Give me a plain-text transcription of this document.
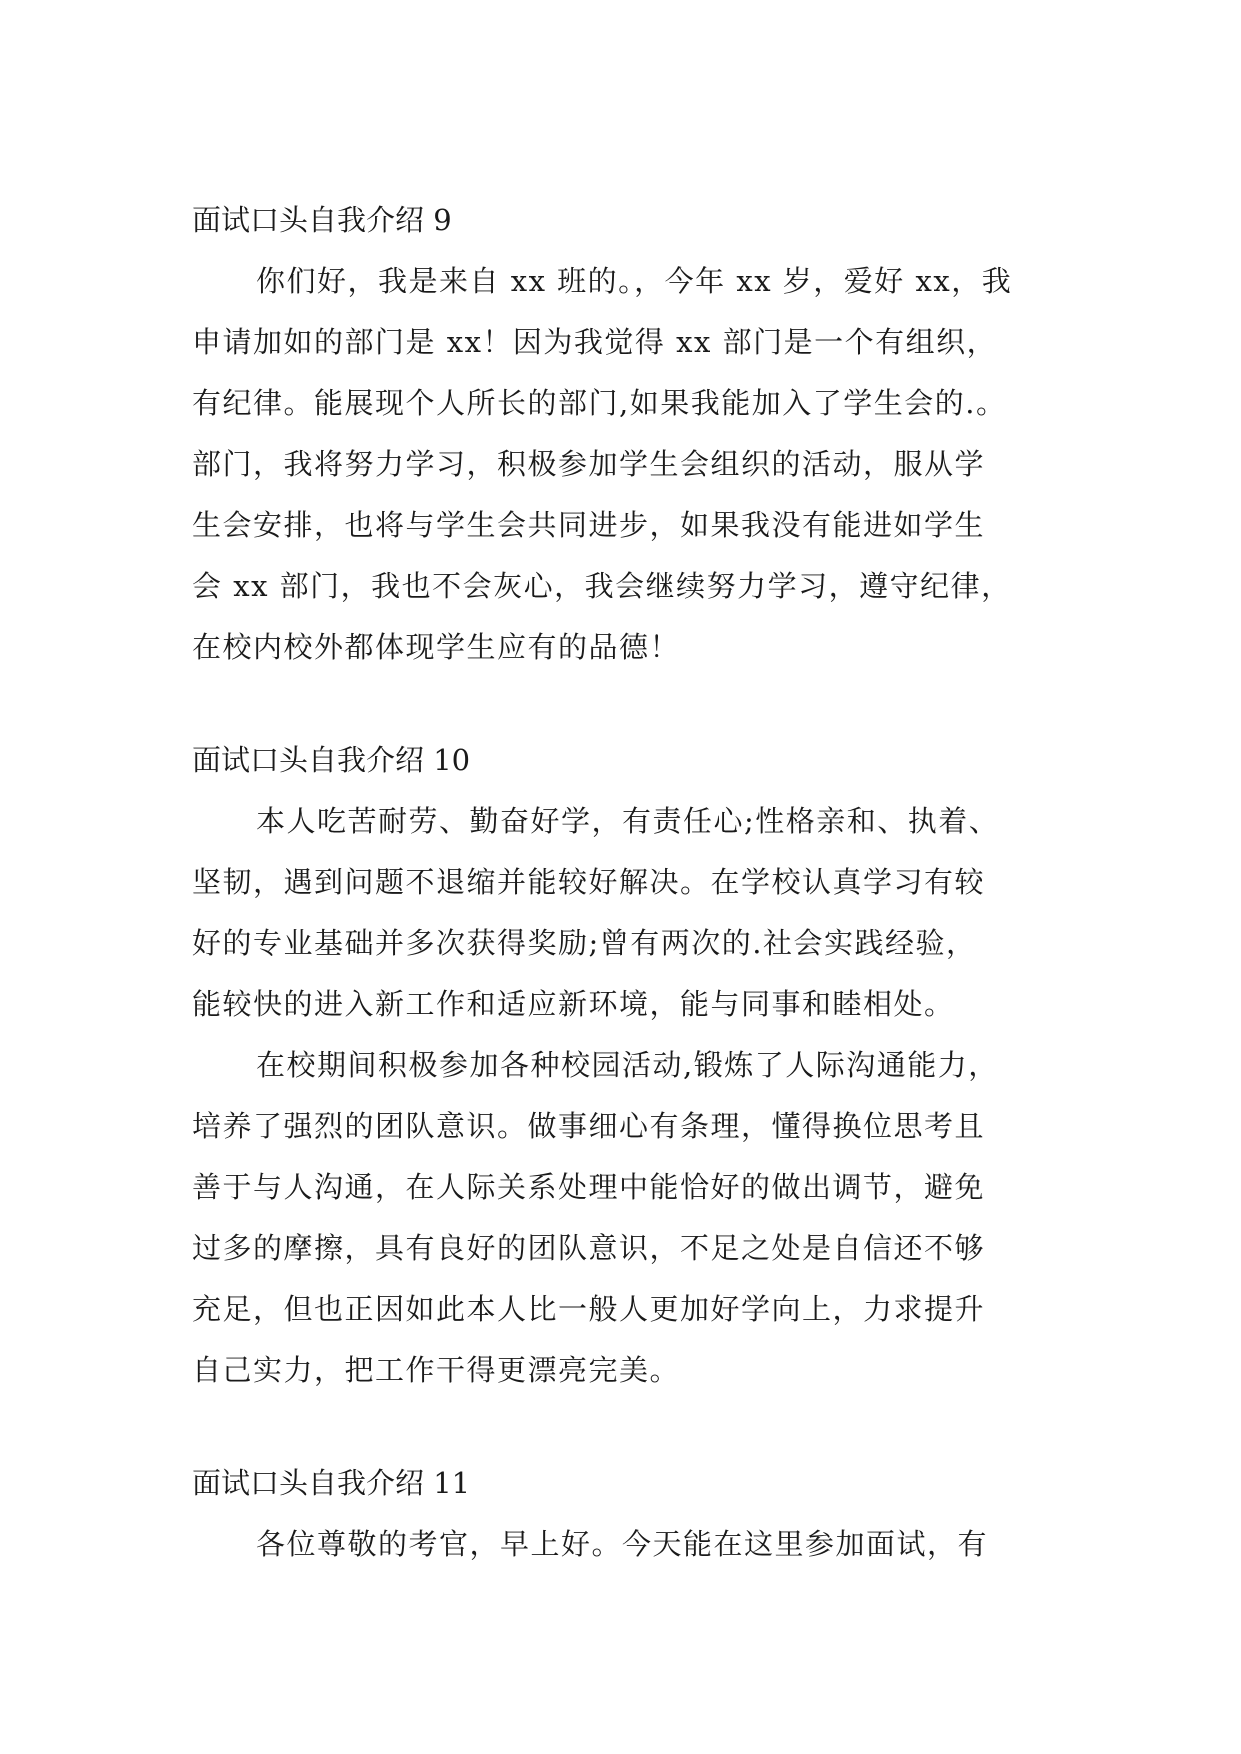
面试口头自我介绍 9
你们好，我是来自 xx 班的。，今年 xx 岁，爱好 xx，我
申请加如的部门是 xx！因为我觉得 xx 部门是一个有组织，
有纪律。能展现个人所长的部门,如果我能加入了学生会的.。
部门，我将努力学习，积极参加学生会组织的活动，服从学
生会安排，也将与学生会共同进步，如果我没有能进如学生
会 xx 部门，我也不会灰心，我会继续努力学习，遵守纪律，
在校内校外都体现学生应有的品德！
面试口头自我介绍 10
本人吃苦耐劳、勤奋好学，有责任心;性格亲和、执着、
坚韧，遇到问题不退缩并能较好解决。在学校认真学习有较
好的专业基础并多次获得奖励;曾有两次的.社会实践经验，
能较快的进入新工作和适应新环境，能与同事和睦相处。
在校期间积极参加各种校园活动,锻炼了人际沟通能力，
培养了强烈的团队意识。做事细心有条理，懂得换位思考且
善于与人沟通，在人际关系处理中能恰好的做出调节，避免
过多的摩擦，具有良好的团队意识，不足之处是自信还不够
充足，但也正因如此本人比一般人更加好学向上，力求提升
自己实力，把工作干得更漂亮完美。
面试口头自我介绍 11
各位尊敬的考官，早上好。今天能在这里参加面试，有
